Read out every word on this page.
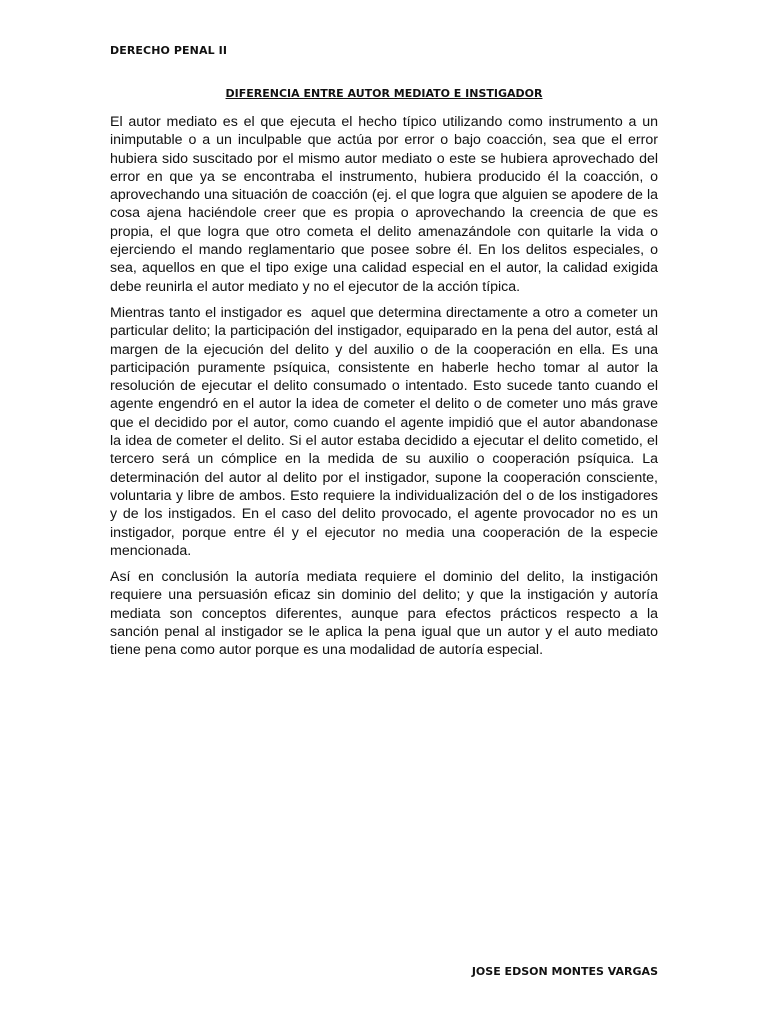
DERECHO PENAL II
DIFERENCIA ENTRE AUTOR MEDIATO E INSTIGADOR

El autor mediato es el que ejecuta el hecho típico utilizando como instrumento a un inimputable o a un inculpable que actúa por error o bajo coacción, sea que el error hubiera sido suscitado por el mismo autor mediato o este se hubiera aprovechado del error en que ya se encontraba el instrumento, hubiera producido él la coacción, o aprovechando una situación de coacción (ej. el que logra que alguien se apodere de la cosa ajena haciéndole creer que es propia o aprovechando la creencia de que es propia, el que logra que otro cometa el delito amenazándole con quitarle la vida o ejerciendo el mando reglamentario que posee sobre él. En los delitos especiales, o sea, aquellos en que el tipo exige una calidad especial en el autor, la calidad exigida debe reunirla el autor mediato y no el ejecutor de la acción típica.

Mientras tanto el instigador es  aquel que determina directamente a otro a cometer un particular delito; la participación del instigador, equiparado en la pena del autor, está al margen de la ejecución del delito y del auxilio o de la cooperación en ella. Es una participación puramente psíquica, consistente en haberle hecho tomar al autor la resolución de ejecutar el delito consumado o intentado. Esto sucede tanto cuando el agente engendró en el autor la idea de cometer el delito o de cometer uno más grave que el decidido por el autor, como cuando el agente impidió que el autor abandonase la idea de cometer el delito. Si el autor estaba decidido a ejecutar el delito cometido, el tercero será un cómplice en la medida de su auxilio o cooperación psíquica. La determinación del autor al delito por el instigador, supone la cooperación consciente, voluntaria y libre de ambos. Esto requiere la individualización del o de los instigadores y de los instigados. En el caso del delito provocado, el agente provocador no es un instigador, porque entre él y el ejecutor no media una cooperación de la especie mencionada.

Así en conclusión la autoría mediata requiere el dominio del delito, la instigación requiere una persuasión eficaz sin dominio del delito; y que la instigación y autoría mediata son conceptos diferentes, aunque para efectos prácticos respecto a la sanción penal al instigador se le aplica la pena igual que un autor y el auto mediato tiene pena como autor porque es una modalidad de autoría especial.

JOSE EDSON MONTES VARGAS
